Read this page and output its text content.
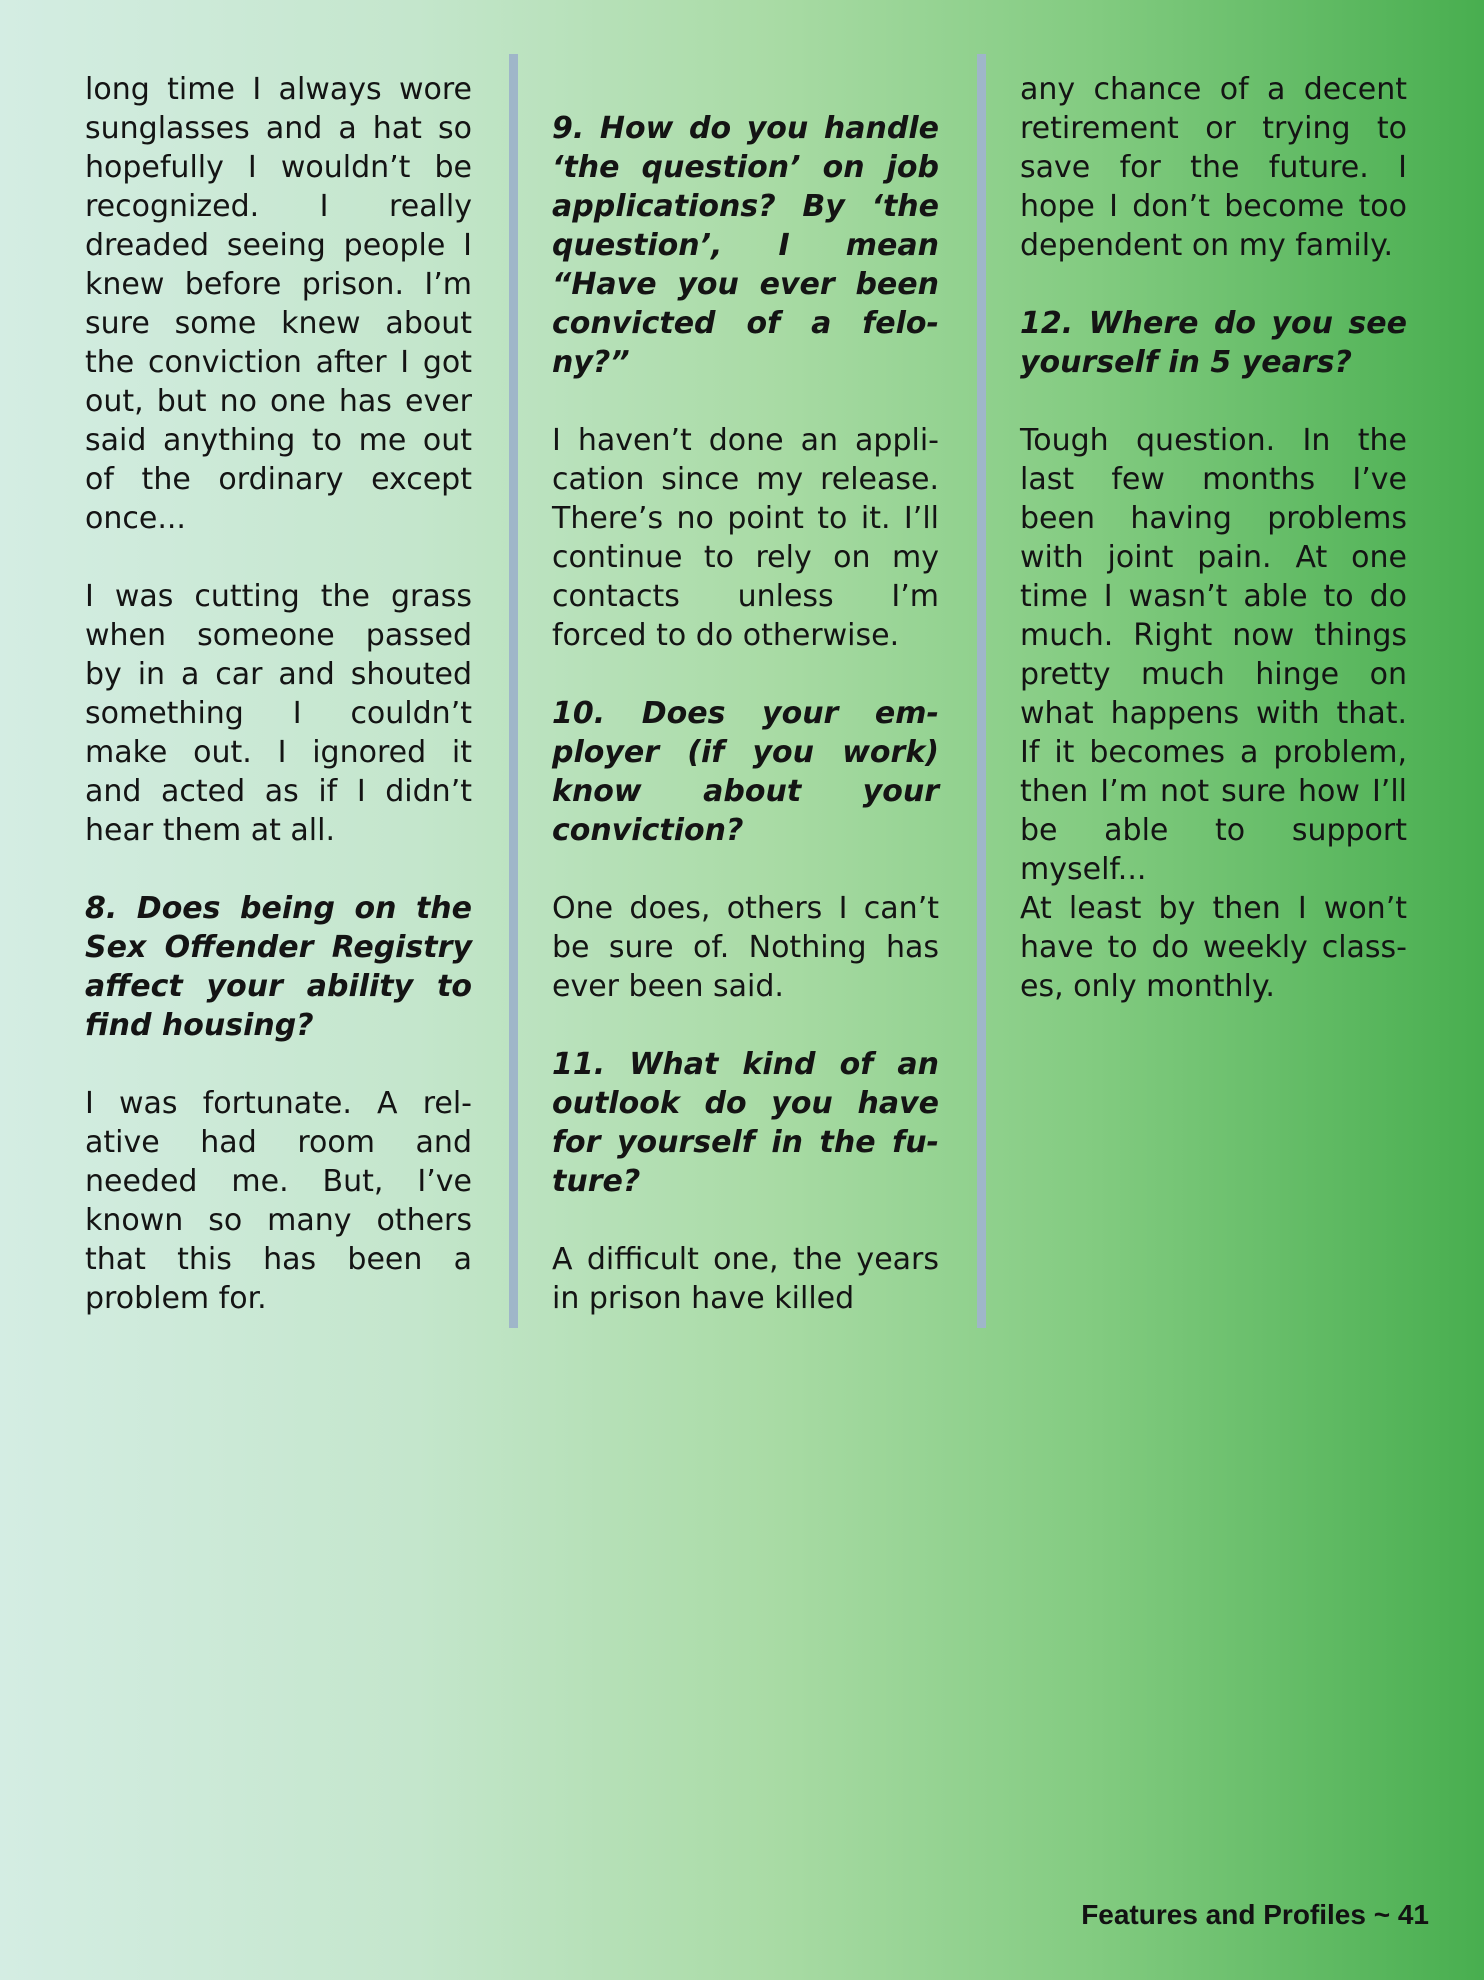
long time I always wore sunglasses and a hat so hopefully I wouldn’t be recognized. I really dreaded seeing people I knew before prison. I’m sure some knew about the conviction after I got out, but no one has ever said anything to me out of the ordinary except once...

I was cutting the grass when someone passed by in a car and shouted something I couldn’t make out. I ignored it and acted as if I didn’t hear them at all.

8. Does being on the Sex Offender Registry affect your ability to find housing?

I was fortunate. A relative had room and needed me. But, I’ve known so many others that this has been a problem for.

9. How do you handle ‘the question’ on job applications? By ‘the question’, I mean “Have you ever been convicted of a felony?”

I haven’t done an application since my release. There’s no point to it. I’ll continue to rely on my contacts unless I’m forced to do otherwise.

10. Does your employer (if you work) know about your conviction?

One does, others I can’t be sure of. Nothing has ever been said.

11. What kind of an outlook do you have for yourself in the future?

A difficult one, the years in prison have killed

any chance of a decent retirement or trying to save for the future. I hope I don’t become too dependent on my family.

12. Where do you see yourself in 5 years?

Tough question. In the last few months I’ve been having problems with joint pain. At one time I wasn’t able to do much. Right now things pretty much hinge on what happens with that. If it becomes a problem, then I’m not sure how I’ll be able to support myself...

At least by then I won’t have to do weekly classes, only monthly.

Features and Profiles ~ 41
